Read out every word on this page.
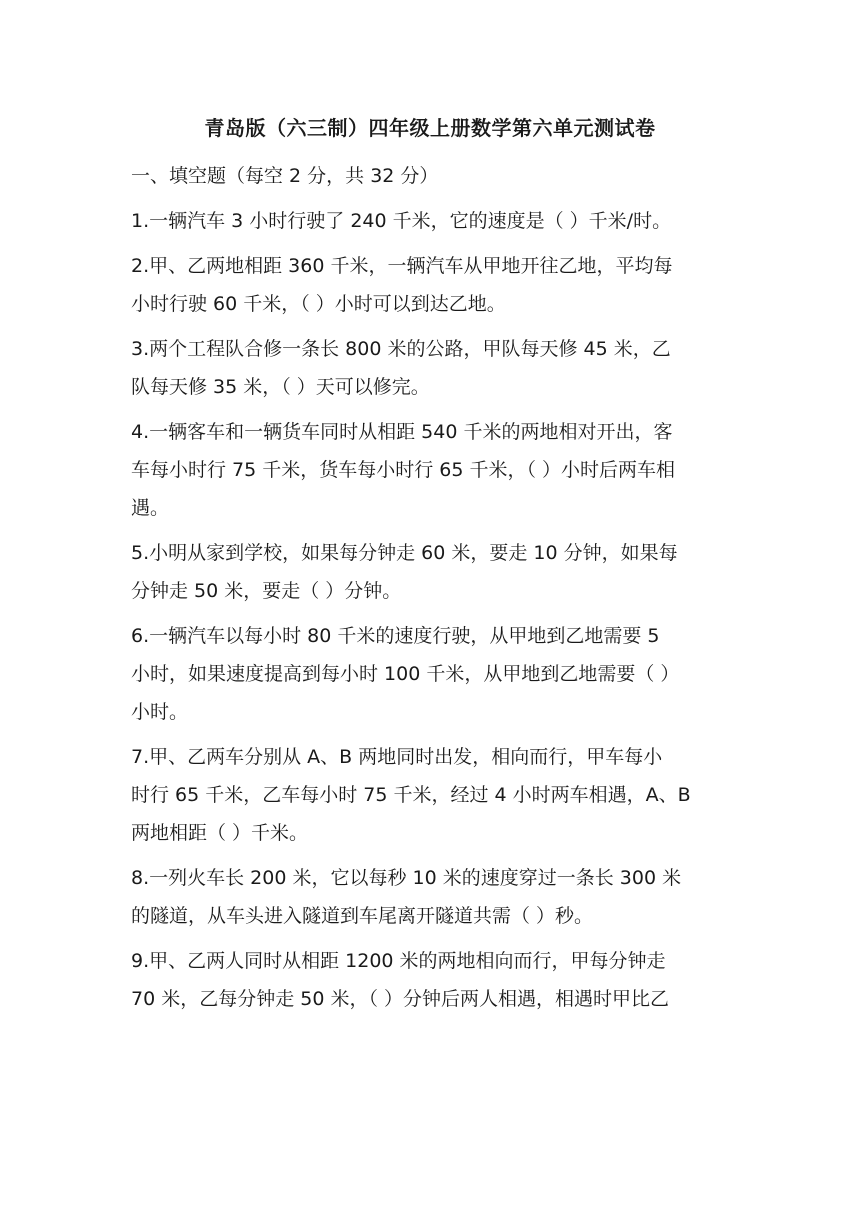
青岛版（六三制）四年级上册数学第六单元测试卷
一、填空题（每空 2 分，共 32 分）
1.一辆汽车 3 小时行驶了 240 千米，它的速度是（ ）千米/时。
2.甲、乙两地相距 360 千米，一辆汽车从甲地开往乙地，平均每
小时行驶 60 千米，（ ）小时可以到达乙地。
3.两个工程队合修一条长 800 米的公路，甲队每天修 45 米，乙
队每天修 35 米，（ ）天可以修完。
4.一辆客车和一辆货车同时从相距 540 千米的两地相对开出，客
车每小时行 75 千米，货车每小时行 65 千米，（ ）小时后两车相
遇。
5.小明从家到学校，如果每分钟走 60 米，要走 10 分钟，如果每
分钟走 50 米，要走（ ）分钟。
6.一辆汽车以每小时 80 千米的速度行驶，从甲地到乙地需要 5
小时，如果速度提高到每小时 100 千米，从甲地到乙地需要（ ）
小时。
7.甲、乙两车分别从 A、B 两地同时出发，相向而行，甲车每小
时行 65 千米，乙车每小时 75 千米，经过 4 小时两车相遇，A、B
两地相距（ ）千米。
8.一列火车长 200 米，它以每秒 10 米的速度穿过一条长 300 米
的隧道，从车头进入隧道到车尾离开隧道共需（ ）秒。
9.甲、乙两人同时从相距 1200 米的两地相向而行，甲每分钟走
70 米，乙每分钟走 50 米，（ ）分钟后两人相遇，相遇时甲比乙
